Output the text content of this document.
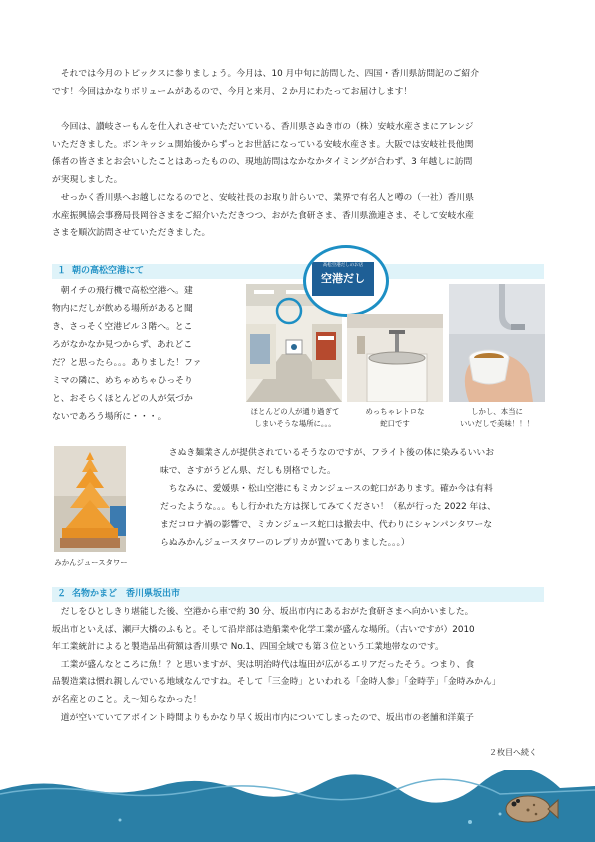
それでは今月のトピックスに参りましょう。今月は、10 月中旬に訪問した、四国・香川県訪問記のご紹介
です！今回はかなりボリュームがあるので、今月と来月、２か月にわたってお届けします！

今回は、讃岐さーもんを仕入れさせていただいている、香川県さぬき市の（株）安岐水産さまにアレンジ
いただきました。ボンキッシュ開始後からずっとお世話になっている安岐水産さま。大阪では安岐社長他関
係者の皆さまとお会いしたことはあったものの、現地訪問はなかなかタイミングが合わず、3 年越しに訪問
が実現しました。
せっかく香川県へお越しになるのでと、安岐社長のお取り計らいで、業界で有名人と噂の（一社）香川県
水産振興協会事務局長岡谷さまをご紹介いただきつつ、おがた食研さま、香川県漁連さま、そして安岐水産
さまを順次訪問させていただきました。

１ 朝の高松空港にて

朝イチの飛行機で高松空港へ。建
物内にだしが飲める場所があると聞
き、さっそく空港ビル３階へ。とこ
ろがなかなか見つからず、あれどこ
だ？と思ったら。。。ありました！ファ
ミマの隣に、めちゃめちゃひっそり
と、おそらくほとんどの人が気づか
ないであろう場所に・・・。

高松空港だしのお店
空港だし
ほとんどの人が通り過ぎて
しまいそうな場所に。。。
めっちゃレトロな
蛇口です
しかし、本当に
いいだしで美味！！！
みかんジュースタワー

さぬき麺業さんが提供されているそうなのですが、フライト後の体に染みるいいお
味で、さすがうどん県、だしも別格でした。
ちなみに、愛媛県・松山空港にもミカンジュースの蛇口があります。確か今は有料
だったような。。。もし行かれた方は探してみてください！（私が行った 2022 年は、
まだコロナ禍の影響で、ミカンジュース蛇口は撤去中、代わりにシャンパンタワーな
らぬみかんジュースタワーのレプリカが置いてありました。。。）

２ 名物かまど　香川県坂出市

だしをひとしきり堪能した後、空港から車で約 30 分、坂出市内にあるおがた食研さまへ向かいました。
坂出市といえば、瀬戸大橋のふもと。そして沿岸部は造船業や化学工業が盛んな場所。（古いですが）2010
年工業統計によると製造品出荷額は香川県で No.1、四国全域でも第３位という工業地帯なのです。
工業が盛んなところに魚！？と思いますが、実は明治時代は塩田が広がるエリアだったそう。つまり、食
品製造業は慣れ親しんでいる地域なんですね。そして「三金時」といわれる「金時人参」「金時芋」「金時みかん」
が名産とのこと。え～知らなかった！
道が空いていてアポイント時間よりもかなり早く坂出市内についてしまったので、坂出市の老舗和洋菓子

２枚目へ続く
